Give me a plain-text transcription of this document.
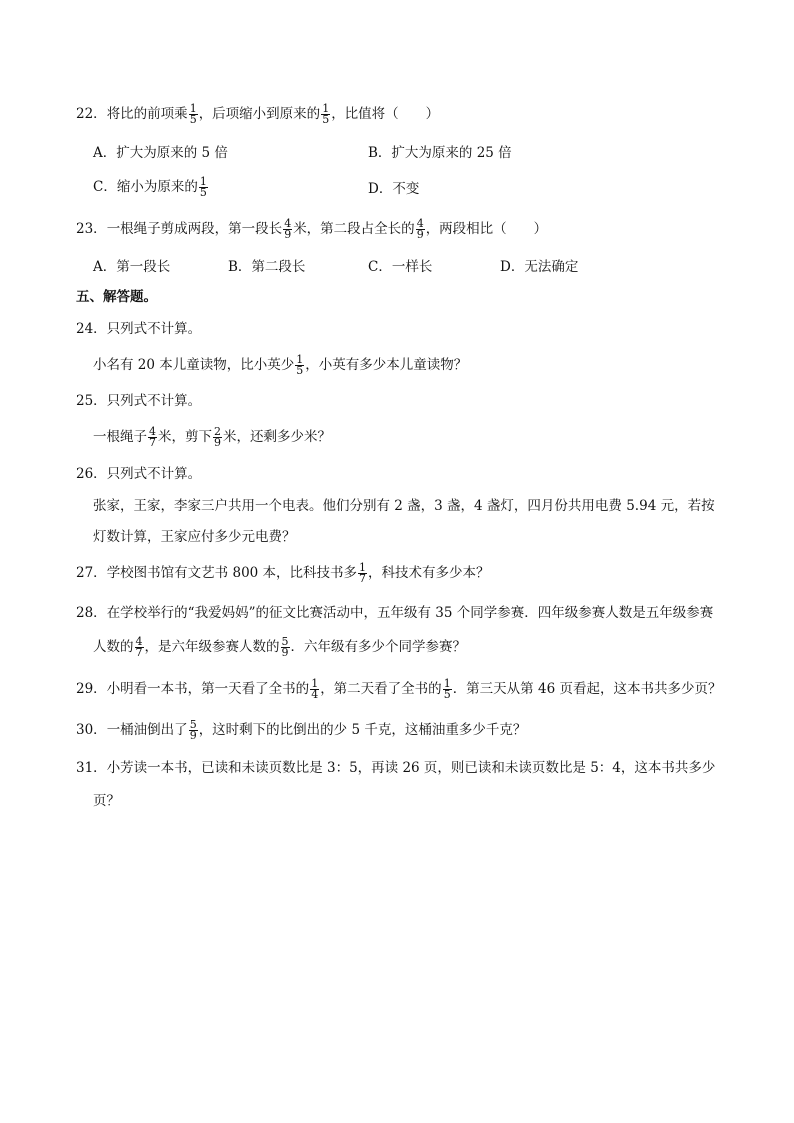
22．将比的前项乘 $\frac{1}{5}$ ，后项缩小到原来的 $\frac{1}{5}$ ，比值将（　　）
A．扩大为原来的 5 倍	B．扩大为原来的 25 倍
C．缩小为原来的 $\frac{1}{5}$	D．不变
23．一根绳子剪成两段，第一段长 $\frac{4}{9}$ 米，第二段占全长的 $\frac{4}{9}$ ，两段相比（　　）
A．第一段长	B．第二段长	C．一样长	D．无法确定
五、解答题。
24．只列式不计算。
小名有 20 本儿童读物，比小英少 $\frac{1}{5}$ ，小英有多少本儿童读物？
25．只列式不计算。
一根绳子 $\frac{4}{7}$ 米，剪下 $\frac{2}{9}$ 米，还剩多少米？
26．只列式不计算。
张家，王家，李家三户共用一个电表。他们分别有 2 盏，3 盏，4 盏灯，四月份共用电费 5.94 元，若按
灯数计算，王家应付多少元电费？
27．学校图书馆有文艺书 800 本，比科技书多 $\frac{1}{7}$ ，科技术有多少本？
28．在学校举行的“我爱妈妈”的征文比赛活动中，五年级有 35 个同学参赛．四年级参赛人数是五年级参赛
人数的 $\frac{4}{7}$ ，是六年级参赛人数的 $\frac{5}{9}$ ．六年级有多少个同学参赛？
29．小明看一本书，第一天看了全书的 $\frac{1}{4}$ ，第二天看了全书的 $\frac{1}{5}$ ．第三天从第 46 页看起，这本书共多少页？
30．一桶油倒出了 $\frac{5}{9}$ ，这时剩下的比倒出的少 5 千克，这桶油重多少千克？
31．小芳读一本书，已读和未读页数比是 3：5，再读 26 页，则已读和未读页数比是 5：4，这本书共多少
页？
